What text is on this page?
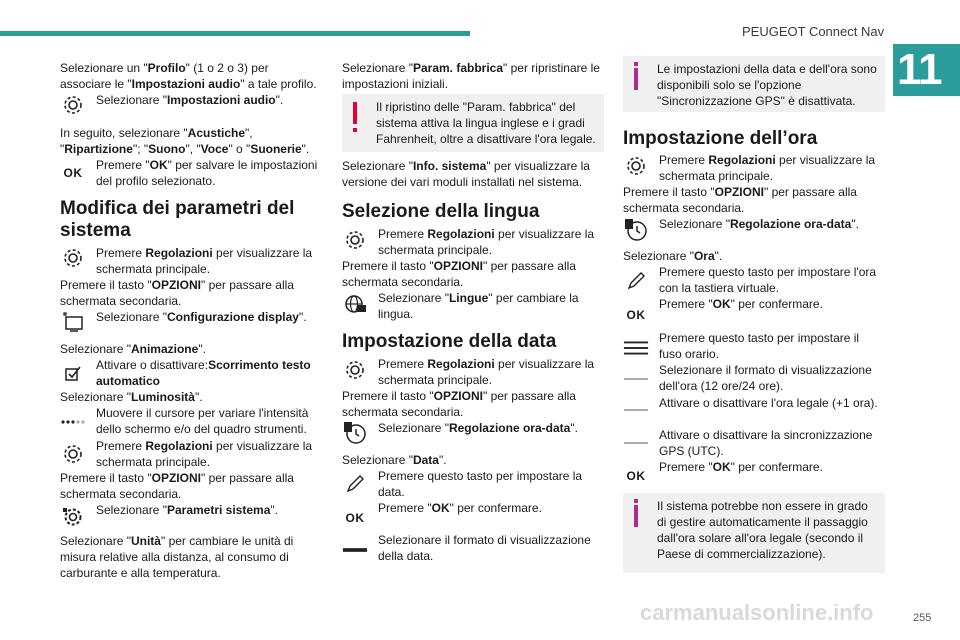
PEUGEOT Connect Nav
11
Selezionare un "Profilo" (1 o 2 o 3) per associare le "Impostazioni audio" a tale profilo.
Selezionare "Impostazioni audio".
In seguito, selezionare "Acustiche", "Ripartizione"; "Suono", "Voce" o "Suonerie".
OK
Premere "OK" per salvare le impostazioni del profilo selezionato.
Modifica dei parametri del sistema
Premere Regolazioni per visualizzare la schermata principale.
Premere il tasto "OPZIONI" per passare alla schermata secondaria.
Selezionare "Configurazione display".
Selezionare "Animazione".
Attivare o disattivare:Scorrimento testo automatico
Selezionare "Luminosità".
Muovere il cursore per variare l'intensità dello schermo e/o del quadro strumenti.
Premere Regolazioni per visualizzare la schermata principale.
Premere il tasto "OPZIONI" per passare alla schermata secondaria.
Selezionare "Parametri sistema".
Selezionare "Unità" per cambiare le unità di misura relative alla distanza, al consumo di carburante e alla temperatura.
Selezionare "Param. fabbrica" per ripristinare le impostazioni iniziali.
Il ripristino delle "Param. fabbrica" del sistema attiva la lingua inglese e i gradi Fahrenheit, oltre a disattivare l'ora legale.
Selezionare "Info. sistema" per visualizzare la versione dei vari moduli installati nel sistema.
Selezione della lingua
Premere Regolazioni per visualizzare la schermata principale.
Premere il tasto "OPZIONI" per passare alla schermata secondaria.
Selezionare "Lingue" per cambiare la lingua.
Impostazione della data
Premere Regolazioni per visualizzare la schermata principale.
Premere il tasto "OPZIONI" per passare alla schermata secondaria.
Selezionare "Regolazione ora-data".
Selezionare "Data".
Premere questo tasto per impostare la data.
OK
Premere "OK" per confermare.
Selezionare il formato di visualizzazione della data.
Le impostazioni della data e dell'ora sono disponibili solo se l'opzione "Sincronizzazione GPS" è disattivata.
Impostazione dell’ora
Premere Regolazioni per visualizzare la schermata principale.
Premere il tasto "OPZIONI" per passare alla schermata secondaria.
Selezionare "Regolazione ora-data".
Selezionare "Ora".
Premere questo tasto per impostare l'ora con la tastiera virtuale.
OK
Premere "OK" per confermare.
Premere questo tasto per impostare il fuso orario.
Selezionare il formato di visualizzazione dell'ora (12 ore/24 ore).
Attivare o disattivare l'ora legale (+1 ora).
Attivare o disattivare la sincronizzazione GPS (UTC).
OK
Premere "OK" per confermare.
Il sistema potrebbe non essere in grado di gestire automaticamente il passaggio dall'ora solare all'ora legale (secondo il Paese di commercializzazione).
carmanualsonline.info	255
